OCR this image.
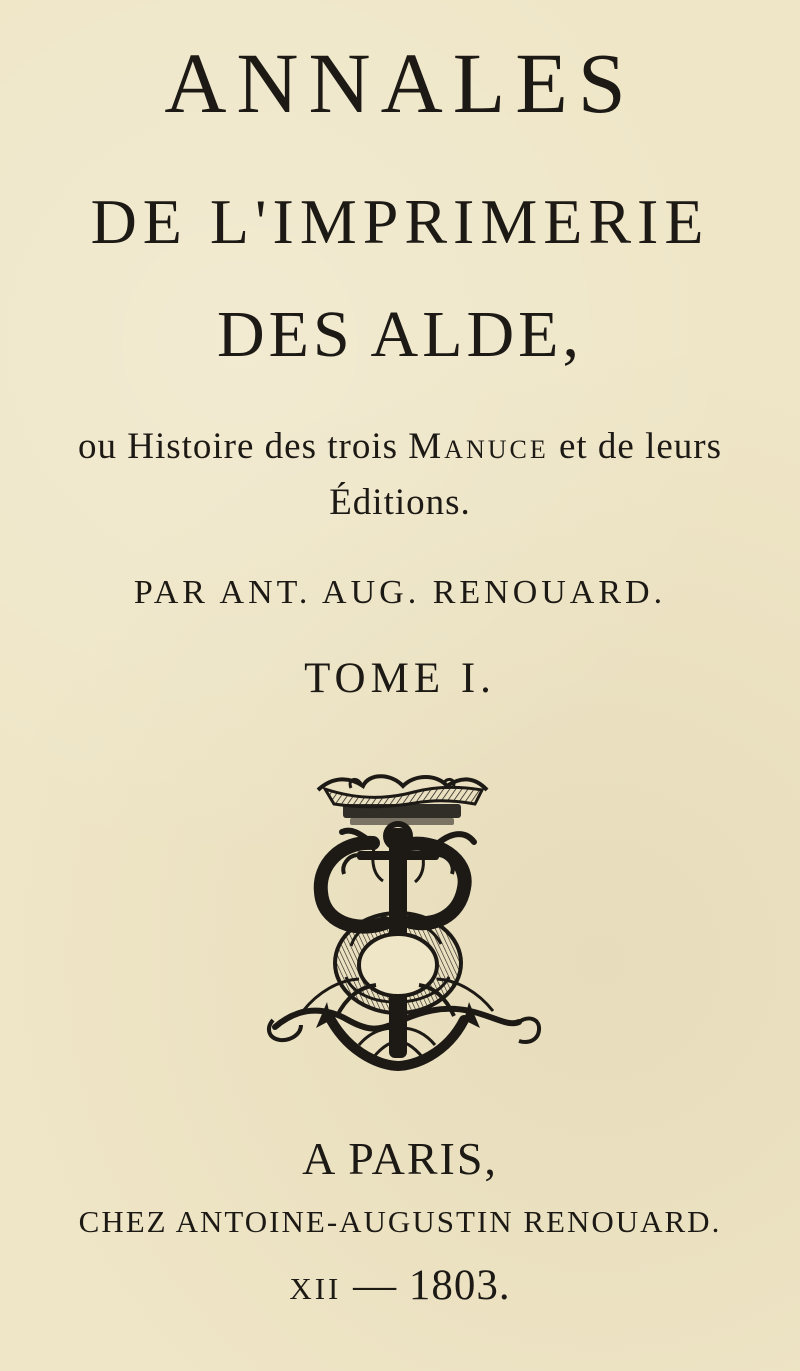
ANNALES
DE L'IMPRIMERIE
DES ALDE,
ou Histoire des trois Manuce et de leurs
Éditions.
PAR ANT. AUG. RENOUARD.
TOME I.
A PARIS,
CHEZ ANTOINE-AUGUSTIN RENOUARD.
XII — 1803.
